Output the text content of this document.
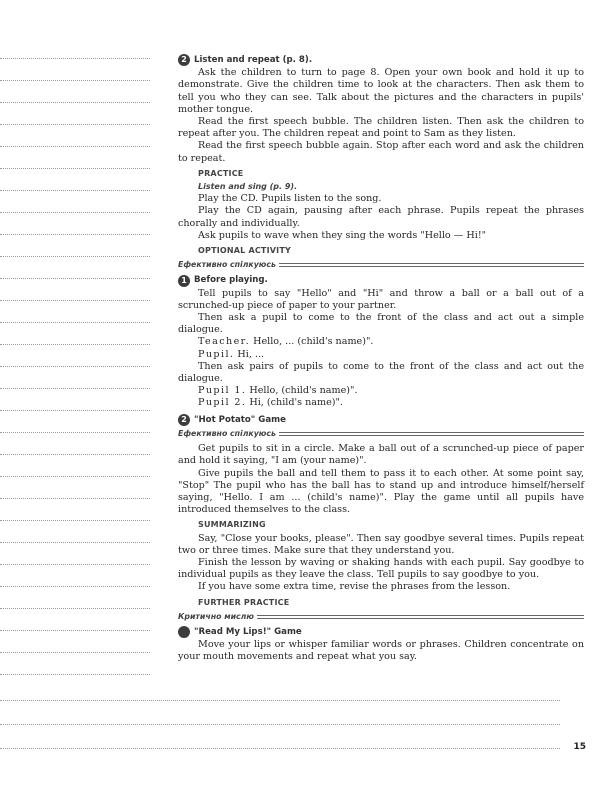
15
2 Listen and repeat (p. 8).

Ask the children to turn to page 8. Open your own book and hold it up to demonstrate. Give the children time to look at the characters. Then ask them to tell you who they can see. Talk about the pictures and the characters in pupils' mother tongue.

Read the first speech bubble. The children listen. Then ask the children to repeat after you. The children repeat and point to Sam as they listen.

Read the first speech bubble again. Stop after each word and ask the children to repeat.

PRACTICE
Listen and sing (p. 9).

Play the CD. Pupils listen to the song.

Play the CD again, pausing after each phrase. Pupils repeat the phrases chorally and individually.

Ask pupils to wave when they sing the words "Hello — Hi!"

OPTIONAL ACTIVITY
Ефективно спілкуюсь
1 Before playing.

Tell pupils to say "Hello" and "Hi" and throw a ball or a ball out of a scrunched-up piece of paper to your partner.

Then ask a pupil to come to the front of the class and act out a simple dialogue.

Teacher. Hello, ... (child's name)".

Pupil. Hi, ...

Then ask pairs of pupils to come to the front of the class and act out the dialogue.

Pupil 1. Hello, (child's name)".

Pupil 2. Hi, (child's name)".

2 "Hot Potato" Game
Ефективно спілкуюсь

Get pupils to sit in a circle. Make a ball out of a scrunched-up piece of paper and hold it saying, "I am (your name)".

Give pupils the ball and tell them to pass it to each other. At some point say, "Stop" The pupil who has the ball has to stand up and introduce himself/herself saying, "Hello. I am ... (child's name)". Play the game until all pupils have introduced themselves to the class.

SUMMARIZING

Say, "Close your books, please". Then say goodbye several times. Pupils repeat two or three times. Make sure that they understand you.

Finish the lesson by waving or shaking hands with each pupil. Say goodbye to individual pupils as they leave the class. Tell pupils to say goodbye to you.

If you have some extra time, revise the phrases from the lesson.

FURTHER PRACTICE
Критично мислю
"Read My Lips!" Game

Move your lips or whisper familiar words or phrases. Children concentrate on your mouth movements and repeat what you say.
